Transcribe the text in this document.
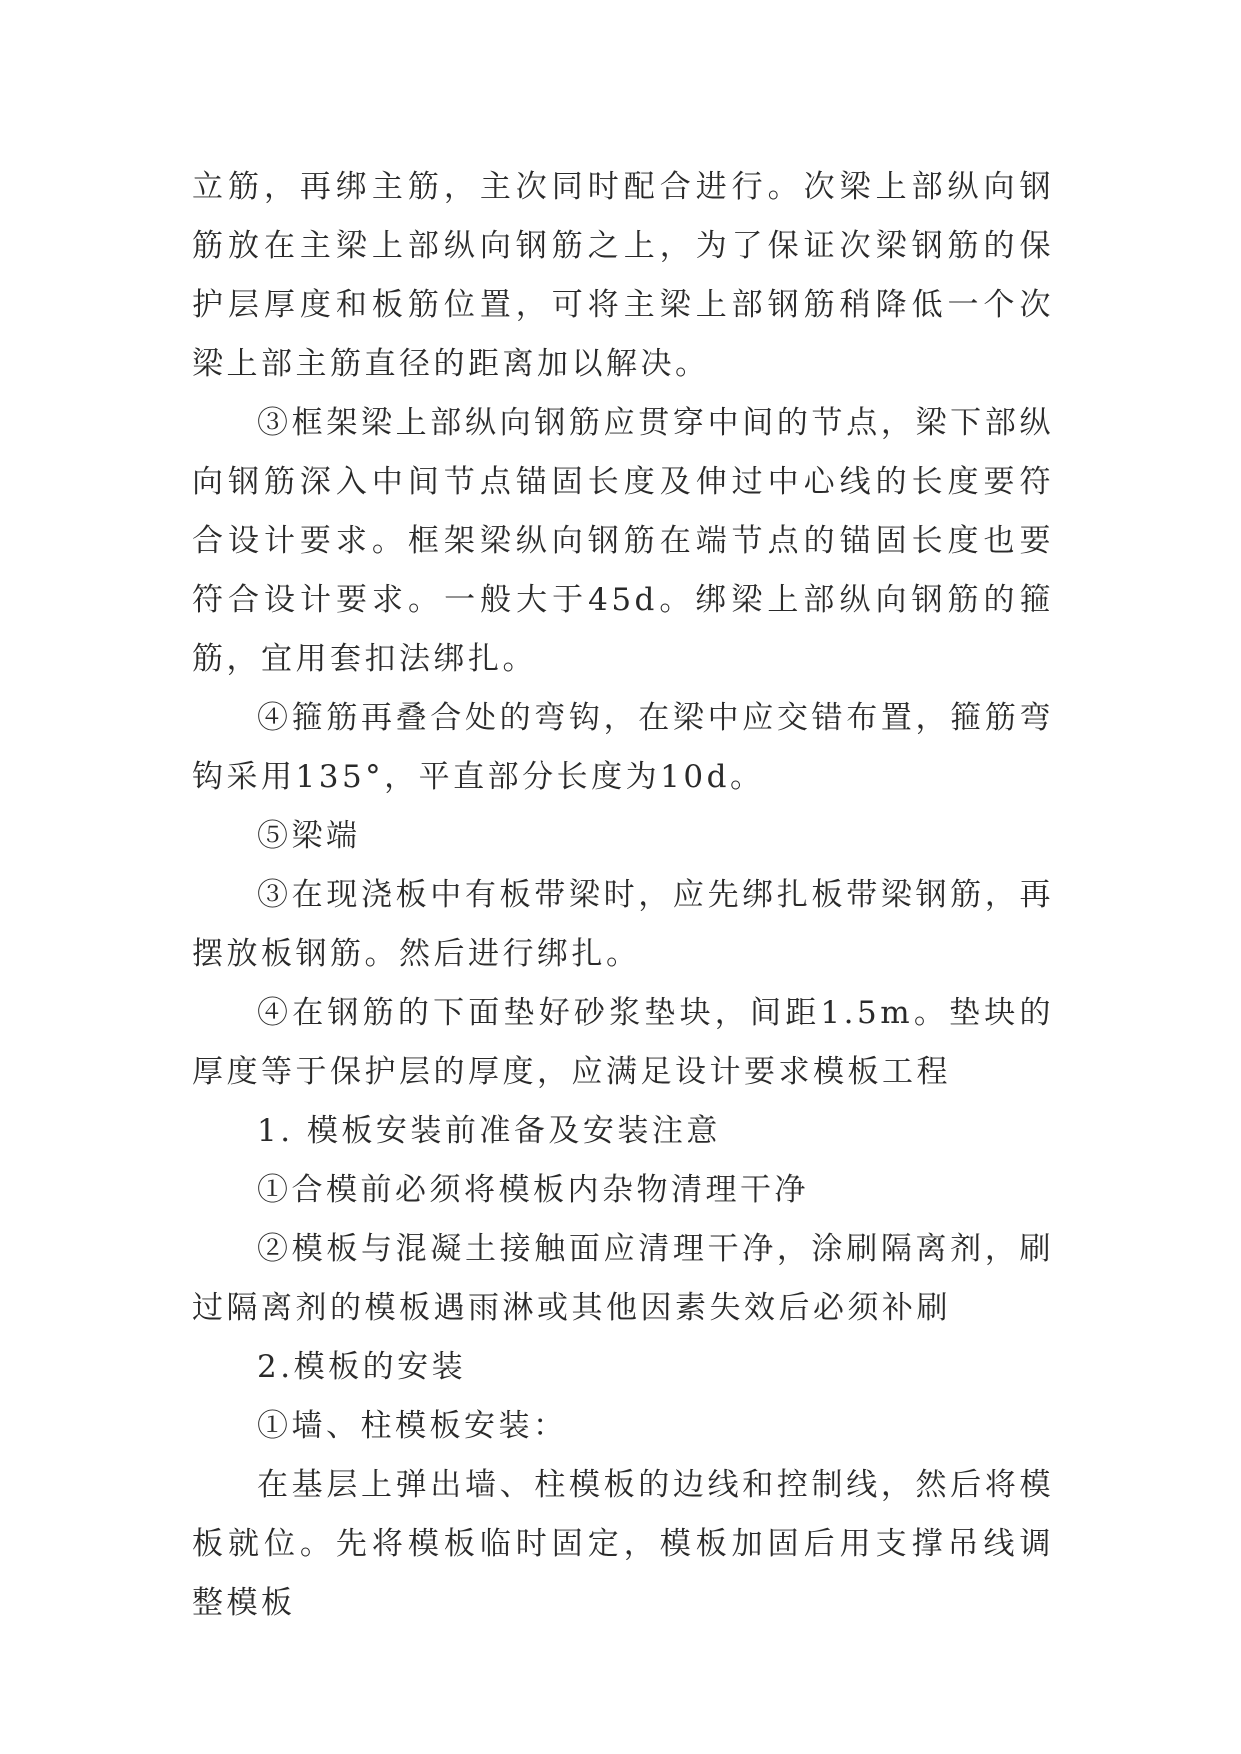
立筋，再绑主筋，主次同时配合进行。次梁上部纵向钢筋放在主梁上部纵向钢筋之上，为了保证次梁钢筋的保护层厚度和板筋位置，可将主梁上部钢筋稍降低一个次梁上部主筋直径的距离加以解决。

③框架梁上部纵向钢筋应贯穿中间的节点，梁下部纵向钢筋深入中间节点锚固长度及伸过中心线的长度要符合设计要求。框架梁纵向钢筋在端节点的锚固长度也要符合设计要求。一般大于45d。绑梁上部纵向钢筋的箍筋，宜用套扣法绑扎。

④箍筋再叠合处的弯钩，在梁中应交错布置，箍筋弯钩采用135°，平直部分长度为10d。

⑤梁端

③在现浇板中有板带梁时，应先绑扎板带梁钢筋，再摆放板钢筋。然后进行绑扎。

④在钢筋的下面垫好砂浆垫块，间距1.5m。垫块的厚度等于保护层的厚度，应满足设计要求模板工程

1. 模板安装前准备及安装注意

①合模前必须将模板内杂物清理干净

②模板与混凝土接触面应清理干净，涂刷隔离剂，刷过隔离剂的模板遇雨淋或其他因素失效后必须补刷

2.模板的安装

①墙、柱模板安装：

在基层上弹出墙、柱模板的边线和控制线，然后将模板就位。先将模板临时固定，模板加固后用支撑吊线调整模板
